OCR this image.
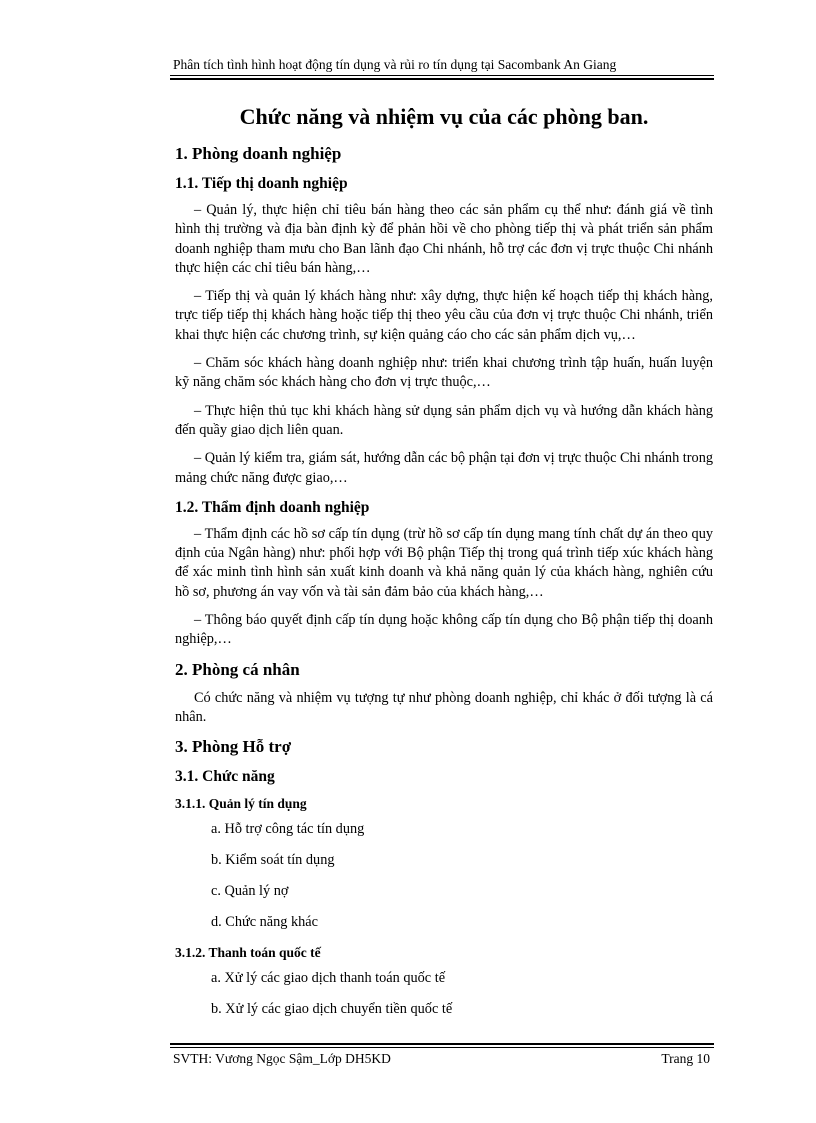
Phân tích tình hình hoạt động tín dụng và rủi ro tín dụng tại Sacombank An Giang
Chức năng và nhiệm vụ của các phòng ban.
1. Phòng doanh nghiệp
1.1. Tiếp thị doanh nghiệp

– Quản lý, thực hiện chỉ tiêu bán hàng theo các sản phẩm cụ thể như: đánh giá về tình hình thị trường và địa bàn định kỳ để phản hồi về cho phòng tiếp thị và phát triển sản phẩm doanh nghiệp tham mưu cho Ban lãnh đạo Chi nhánh, hỗ trợ các đơn vị trực thuộc Chi nhánh thực hiện các chỉ tiêu bán hàng,…

– Tiếp thị và quản lý khách hàng như: xây dựng, thực hiện kế hoạch tiếp thị khách hàng, trực tiếp tiếp thị khách hàng hoặc tiếp thị theo yêu cầu của đơn vị trực thuộc Chi nhánh, triển khai thực hiện các chương trình, sự kiện quảng cáo cho các sản phẩm dịch vụ,…

– Chăm sóc khách hàng doanh nghiệp như: triển khai chương trình tập huấn, huấn luyện kỹ năng chăm sóc khách hàng cho đơn vị trực thuộc,…

– Thực hiện thủ tục khi khách hàng sử dụng sản phẩm dịch vụ và hướng dẫn khách hàng đến quầy giao dịch liên quan.

– Quản lý kiểm tra, giám sát, hướng dẫn các bộ phận tại đơn vị trực thuộc Chi nhánh trong mảng chức năng được giao,…

1.2. Thẩm định doanh nghiệp

– Thẩm định các hồ sơ cấp tín dụng (trừ hồ sơ cấp tín dụng mang tính chất dự án theo quy định của Ngân hàng) như: phối hợp với Bộ phận Tiếp thị trong quá trình tiếp xúc khách hàng để xác minh tình hình sản xuất kinh doanh và khả năng quản lý của khách hàng, nghiên cứu hồ sơ, phương án vay vốn và tài sản đảm bảo của khách hàng,…

– Thông báo quyết định cấp tín dụng hoặc không cấp tín dụng cho Bộ phận tiếp thị doanh nghiệp,…

2. Phòng cá nhân

Có chức năng và nhiệm vụ tượng tự như phòng doanh nghiệp, chỉ khác ở đối tượng là cá nhân.

3. Phòng Hỗ trợ
3.1. Chức năng
3.1.1. Quản lý tín dụng
a. Hỗ trợ công tác tín dụng
b. Kiểm soát tín dụng
c. Quản lý nợ
d. Chức năng khác
3.1.2. Thanh toán quốc tế
a. Xử lý các giao dịch thanh toán quốc tế
b. Xử lý các giao dịch chuyển tiền quốc tế
SVTH: Vương Ngọc Sậm_Lớp DH5KD	Trang 10
